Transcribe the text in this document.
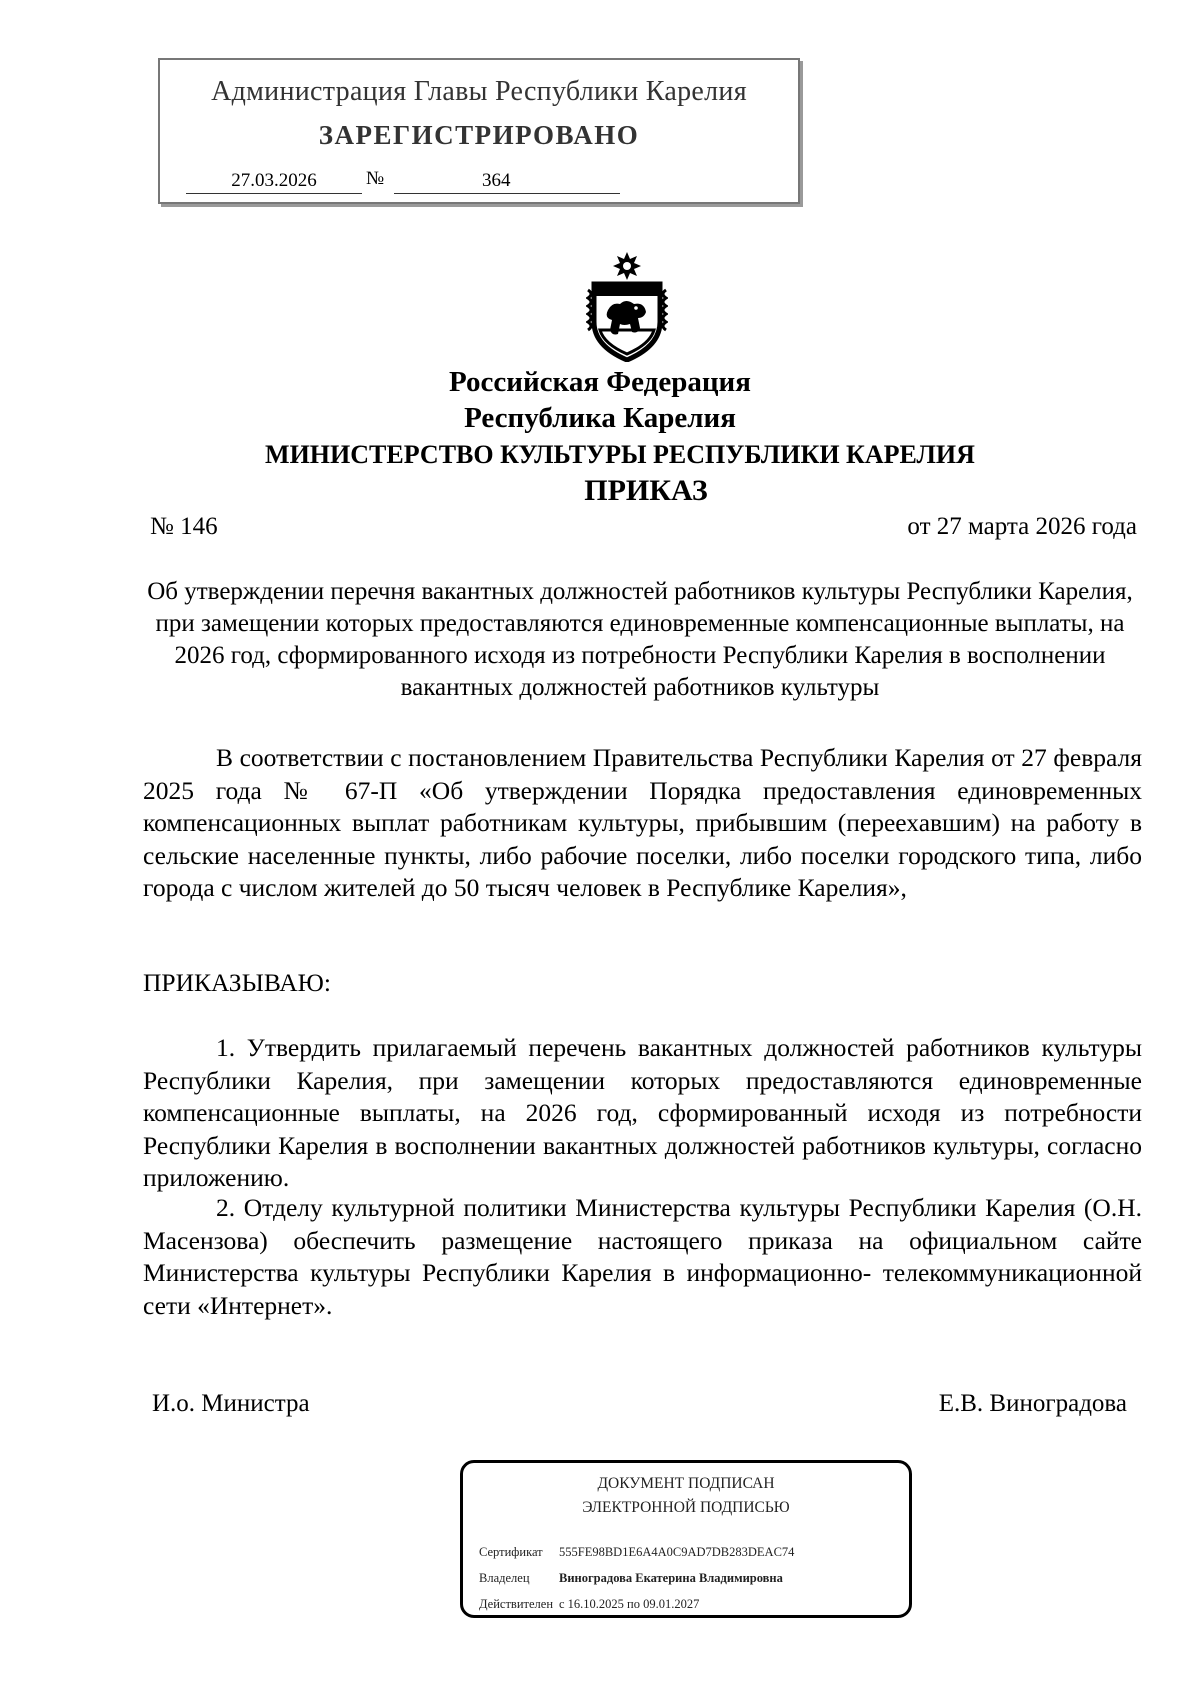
Администрация Главы Республики Карелия
ЗАРЕГИСТРИРОВАНО
27.03.2026	№	364
Российская Федерация
Республика Карелия
МИНИСТЕРСТВО КУЛЬТУРЫ РЕСПУБЛИКИ КАРЕЛИЯ
ПРИКАЗ
№ 146	от 27 марта 2026 года
Об утверждении перечня вакантных должностей работников культуры Республики Карелия, при замещении которых предоставляются единовременные компенсационные выплаты, на 2026 год, сформированного исходя из потребности Республики Карелия в восполнении вакантных должностей работников культуры
В соответствии с постановлением Правительства Республики Карелия от 27 февраля 2025 года № 67-П «Об утверждении Порядка предоставления единовременных компенсационных выплат работникам культуры, прибывшим (переехавшим) на работу в сельские населенные пункты, либо рабочие поселки, либо поселки городского типа, либо города с числом жителей до 50 тысяч человек в Республике Карелия»,
ПРИКАЗЫВАЮ:
1. Утвердить прилагаемый перечень вакантных должностей работников культуры Республики Карелия, при замещении которых предоставляются единовременные компенсационные выплаты, на 2026 год, сформированный исходя из потребности Республики Карелия в восполнении вакантных должностей работников культуры, согласно приложению.
2. Отделу культурной политики Министерства культуры Республики Карелия (О.Н. Масензова) обеспечить размещение настоящего приказа на официальном сайте Министерства культуры Республики Карелия в информационно- телекоммуникационной сети «Интернет».
И.о. Министра	Е.В. Виноградова
ДОКУМЕНТ ПОДПИСАН
ЭЛЕКТРОННОЙ ПОДПИСЬЮ
Сертификат 555FE98BD1E6A4A0C9AD7DB283DEAC74
Владелец Виноградова Екатерина Владимировна
Действителен с 16.10.2025 по 09.01.2027
